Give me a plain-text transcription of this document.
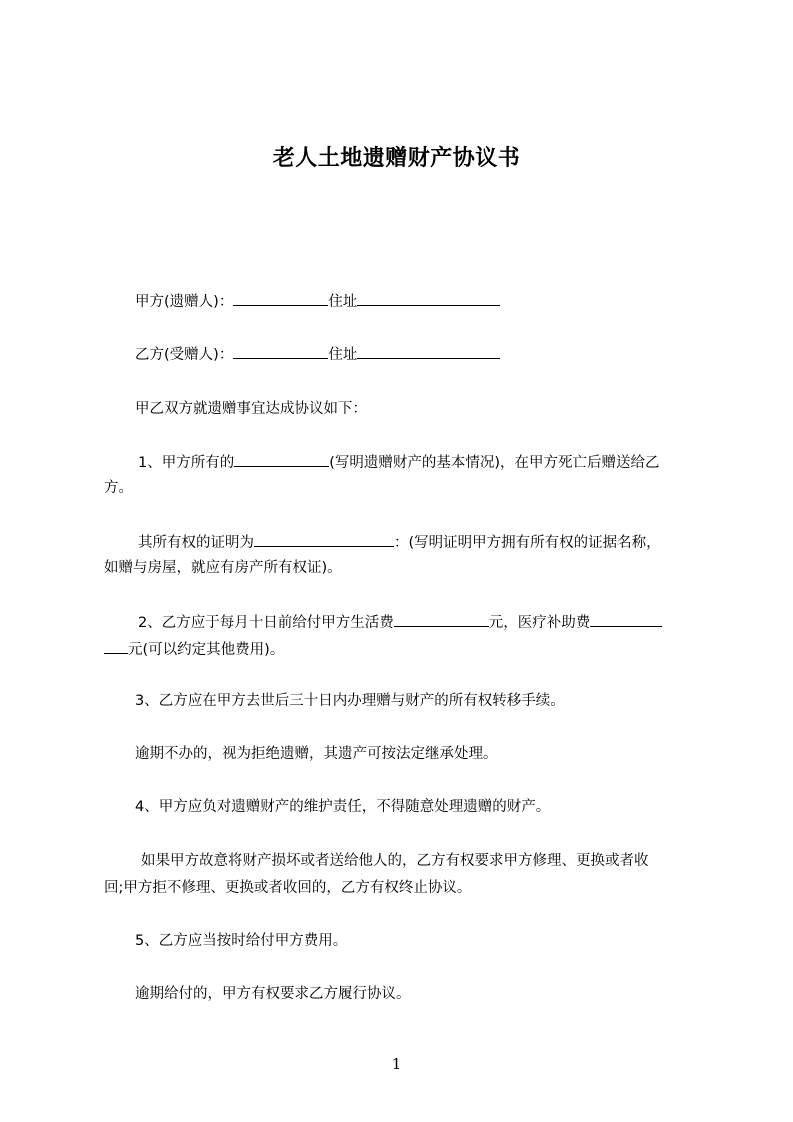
老人土地遗赠财产协议书
甲方(遗赠人)：	住址
乙方(受赠人)：	住址
甲乙双方就遗赠事宜达成协议如下：
1、甲方所有的	(写明遗赠财产的基本情况)，在甲方死亡后赠送给乙
方。
其所有权的证明为	：(写明证明甲方拥有所有权的证据名称，
如赠与房屋，就应有房产所有权证)。
2、乙方应于每月十日前给付甲方生活费	元，医疗补助费
元(可以约定其他费用)。
3、乙方应在甲方去世后三十日内办理赠与财产的所有权转移手续。
逾期不办的，视为拒绝遗赠，其遗产可按法定继承处理。
4、甲方应负对遗赠财产的维护责任，不得随意处理遗赠的财产。
如果甲方故意将财产损坏或者送给他人的，乙方有权要求甲方修理、更换或者收
回;甲方拒不修理、更换或者收回的，乙方有权终止协议。
5、乙方应当按时给付甲方费用。
逾期给付的，甲方有权要求乙方履行协议。
1
